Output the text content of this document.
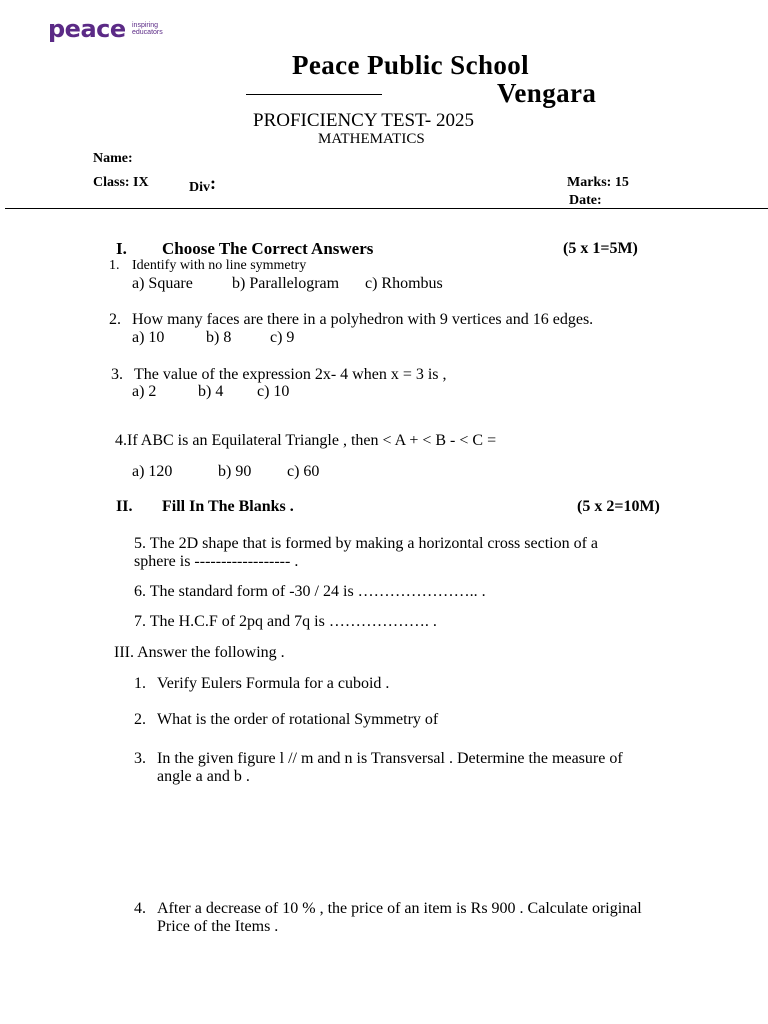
peace inspiring educators
Peace Public School
Vengara
PROFICIENCY TEST- 2025
MATHEMATICS
Name:
Class: IX	Div:	Marks: 15
Date:
I. Choose The Correct Answers	(5 x 1=5M)
1. Identify with no line symmetry
a) Square b) Parallelogram c) Rhombus
2. How many faces are there in a polyhedron with 9 vertices and 16 edges.
a) 10	b) 8 c) 9
3. The value of the expression 2x- 4 when x = 3 is ,
a) 2	b) 4 c) 10
4.If ABC is an Equilateral Triangle , then < A + < B - < C =
a) 120	b) 90 c) 60
II. Fill In The Blanks .	(5 x 2=10M)
5. The 2D shape that is formed by making a horizontal cross section of a
sphere is ------------------ .
6. The standard form of -30 / 24 is ………………….. .
7. The H.C.F of 2pq and 7q is ………………. .
III. Answer the following .
1. Verify Eulers Formula for a cuboid .
2. What is the order of rotational Symmetry of
3. In the given figure l // m and n is Transversal . Determine the measure of
angle a and b .
4. After a decrease of 10 % , the price of an item is Rs 900 . Calculate original
Price of the Items .
